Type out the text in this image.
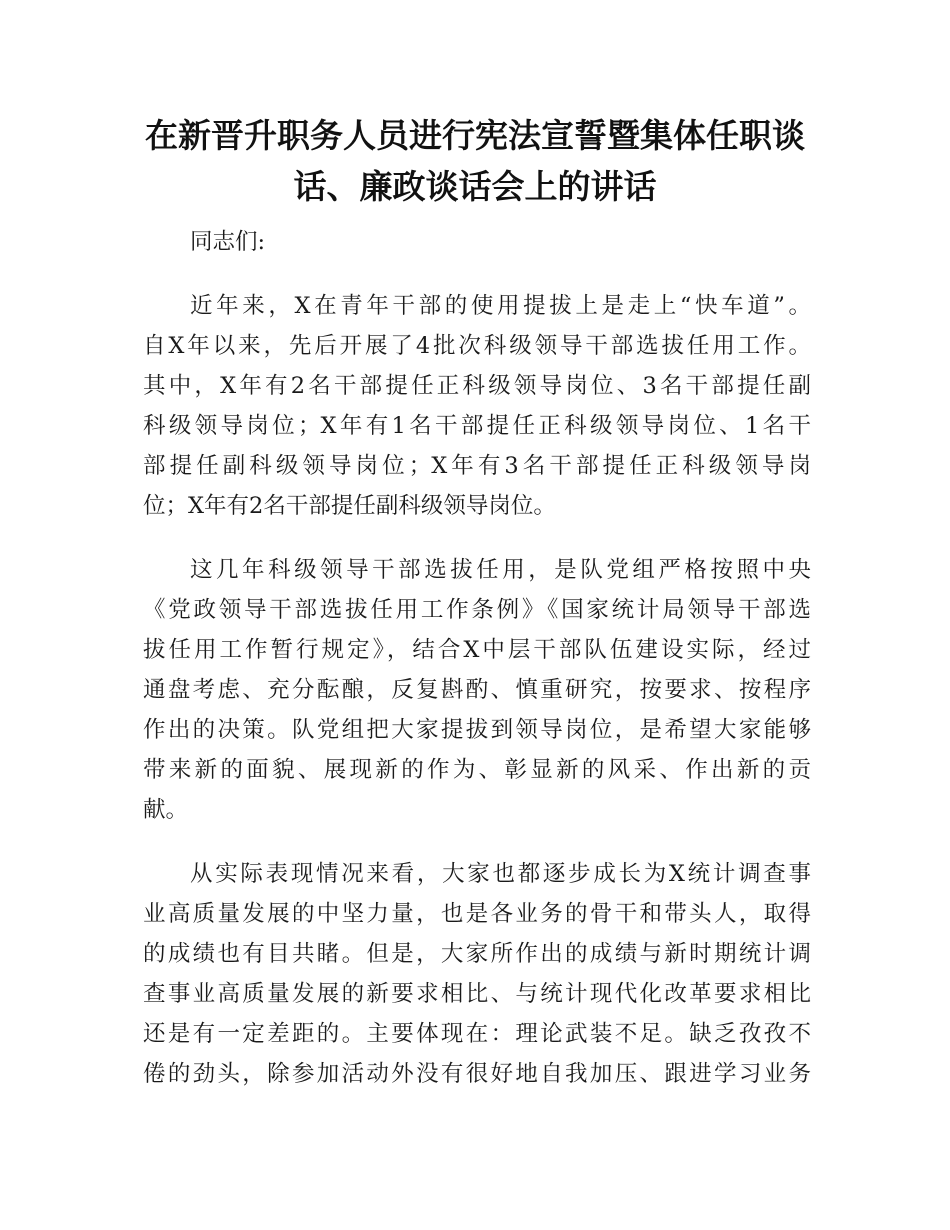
在新晋升职务人员进行宪法宣誓暨集体任职谈
话、廉政谈话会上的讲话

同志们:

近年来，X在青年干部的使用提拔上是走上“快车道”。
自X年以来，先后开展了4批次科级领导干部选拔任用工作。
其中，X年有2名干部提任正科级领导岗位、3名干部提任副
科级领导岗位；X年有1名干部提任正科级领导岗位、1名干
部提任副科级领导岗位；X年有3名干部提任正科级领导岗
位；X年有2名干部提任副科级领导岗位。

这几年科级领导干部选拔任用，是队党组严格按照中央
《党政领导干部选拔任用工作条例》《国家统计局领导干部选
拔任用工作暂行规定》，结合X中层干部队伍建设实际，经过
通盘考虑、充分酝酿，反复斟酌、慎重研究，按要求、按程序
作出的决策。队党组把大家提拔到领导岗位，是希望大家能够
带来新的面貌、展现新的作为、彰显新的风采、作出新的贡
献。

从实际表现情况来看，大家也都逐步成长为X统计调查事
业高质量发展的中坚力量，也是各业务的骨干和带头人，取得
的成绩也有目共睹。但是，大家所作出的成绩与新时期统计调
查事业高质量发展的新要求相比、与统计现代化改革要求相比
还是有一定差距的。主要体现在：理论武装不足。缺乏孜孜不
倦的劲头，除参加活动外没有很好地自我加压、跟进学习业务
